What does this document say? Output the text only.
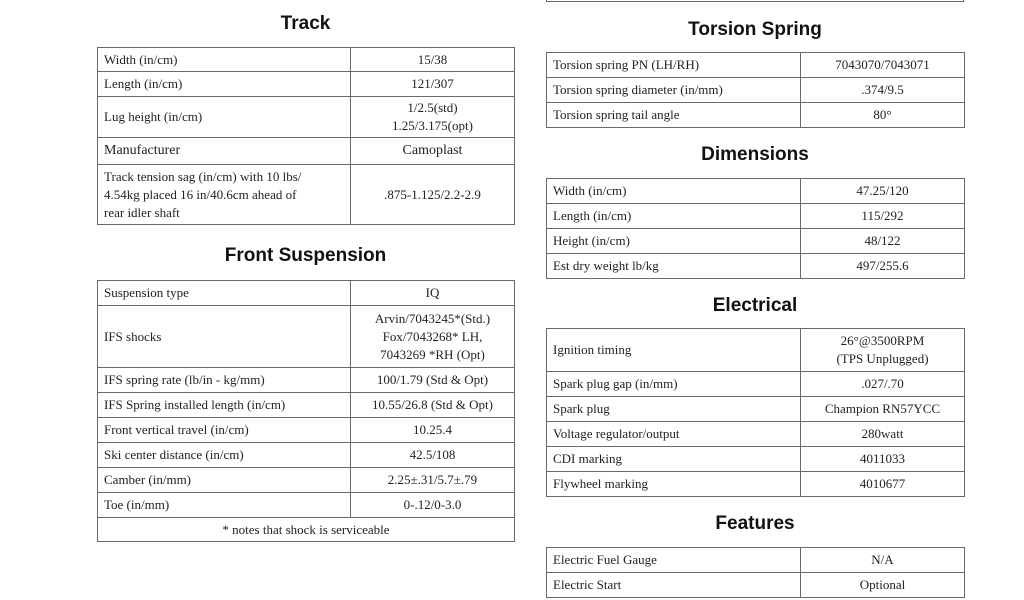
Track
Width (in/cm)	15/38
Length (in/cm)	121/307
Lug height (in/cm)	1/2.5(std)
1.25/3.175(opt)

Manufacturer	Camoplast

Track tension sag (in/cm) with 10 lbs/
4.54kg placed 16 in/40.6cm ahead of
rear idler shaft	.875-1.125/2.2-2.9
Front Suspension
Suspension type	IQ
IFS shocks	Arvin/7043245*(Std.)
Fox/7043268* LH,
7043269 *RH (Opt)

IFS spring rate (lb/in - kg/mm)	100/1.79 (Std & Opt)
IFS Spring installed length (in/cm)	10.55/26.8 (Std & Opt)
Front vertical travel (in/cm)	10.25.4
Ski center distance (in/cm)	42.5/108
Camber (in/mm)	2.25±.31/5.7±.79
Toe (in/mm)	0-.12/0-3.0
* notes that shock is serviceable	
Torsion Spring
Torsion spring PN (LH/RH)	7043070/7043071
Torsion spring diameter (in/mm)	.374/9.5
Torsion spring tail angle	80°
Dimensions
Width (in/cm)	47.25/120
Length (in/cm)	115/292
Height (in/cm)	48/122
Est dry weight lb/kg	497/255.6
Electrical
Ignition timing	26°@3500RPM
(TPS Unplugged)

Spark plug gap (in/mm)	.027/.70
Spark plug	Champion RN57YCC
Voltage regulator/output	280watt
CDI marking	4011033
Flywheel marking	4010677
Features
Electric Fuel Gauge	N/A
Electric Start	Optional
